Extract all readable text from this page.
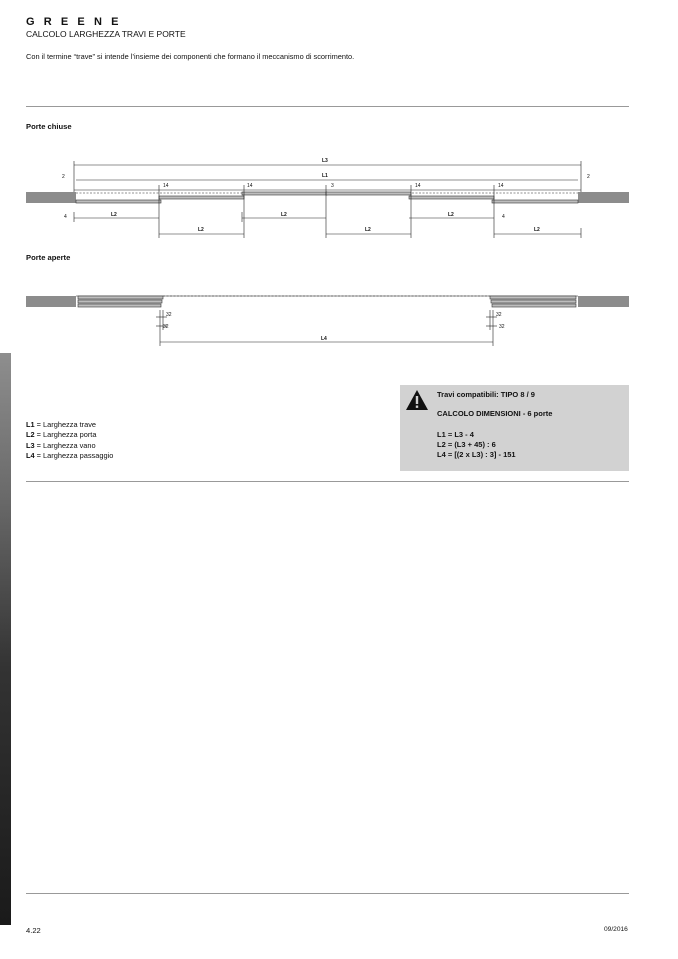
GREENE
CALCOLO LARGHEZZA TRAVI E PORTE
Con il termine “trave” si intende l’insieme dei componenti che formano il meccanismo di scorrimento.
Porte chiuse
L3
L1
L2	L2	L2
L2	L2	L2
2	2
4	4
14	14	3	14	14
Porte aperte
32
32
32
32
L4
L1 = Larghezza trave
L2 = Larghezza porta
L3 = Larghezza vano
L4 = Larghezza passaggio
Travi compatibili: TIPO 8 / 9
CALCOLO DIMENSIONI - 6 porte
L1 = L3 - 4
L2 = (L3 + 45) : 6
L4 = [(2 x L3) : 3] - 151
4.22	09/2016
